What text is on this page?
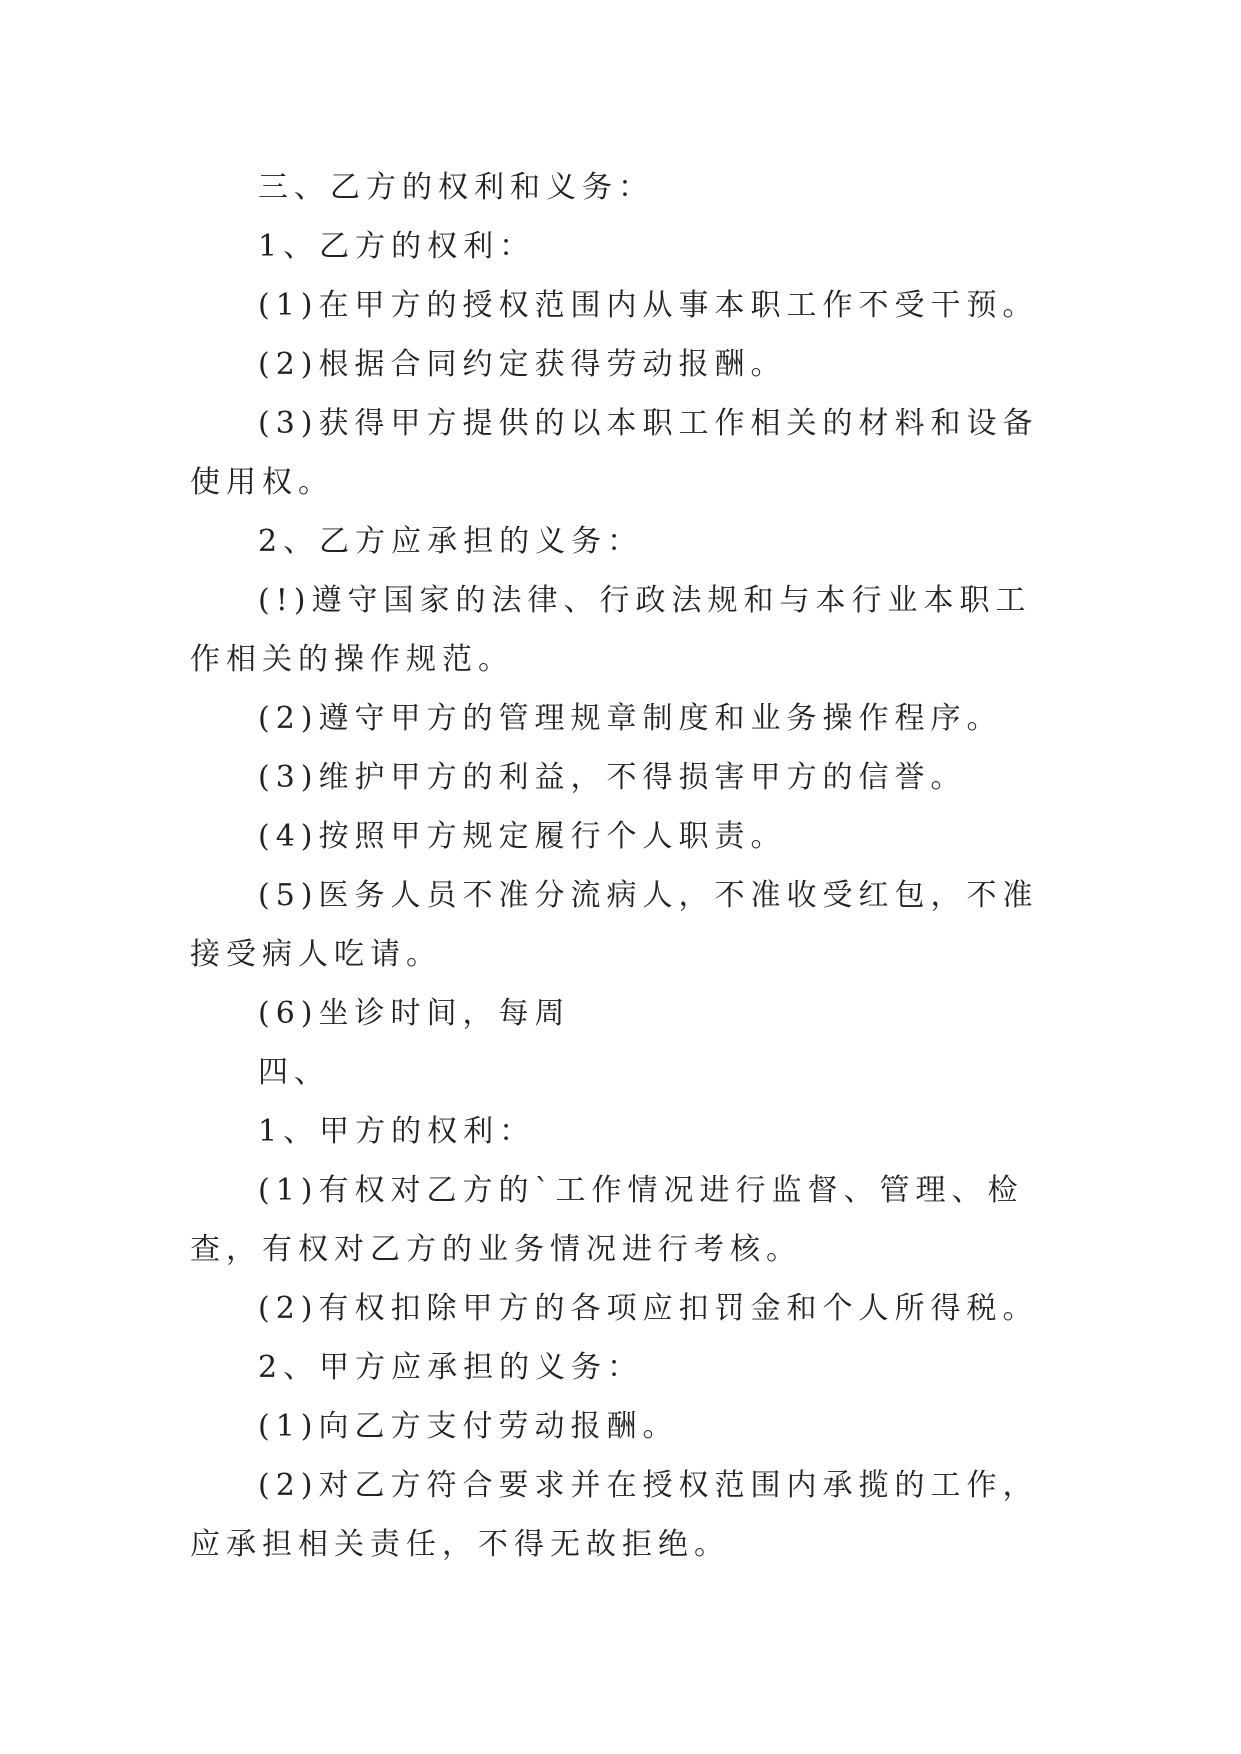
三、乙方的权利和义务：

1、乙方的权利：

(1)在甲方的授权范围内从事本职工作不受干预。

(2)根据合同约定获得劳动报酬。

(3)获得甲方提供的以本职工作相关的材料和设备使用权。

2、乙方应承担的义务：

(!)遵守国家的法律、行政法规和与本行业本职工作相关的操作规范。

(2)遵守甲方的管理规章制度和业务操作程序。

(3)维护甲方的利益，不得损害甲方的信誉。

(4)按照甲方规定履行个人职责。

(5)医务人员不准分流病人，不准收受红包，不准接受病人吃请。

(6)坐诊时间，每周

四、

1、甲方的权利：

(1)有权对乙方的`工作情况进行监督、管理、检查，有权对乙方的业务情况进行考核。

(2)有权扣除甲方的各项应扣罚金和个人所得税。

2、甲方应承担的义务：

(1)向乙方支付劳动报酬。

(2)对乙方符合要求并在授权范围内承揽的工作，应承担相关责任，不得无故拒绝。
